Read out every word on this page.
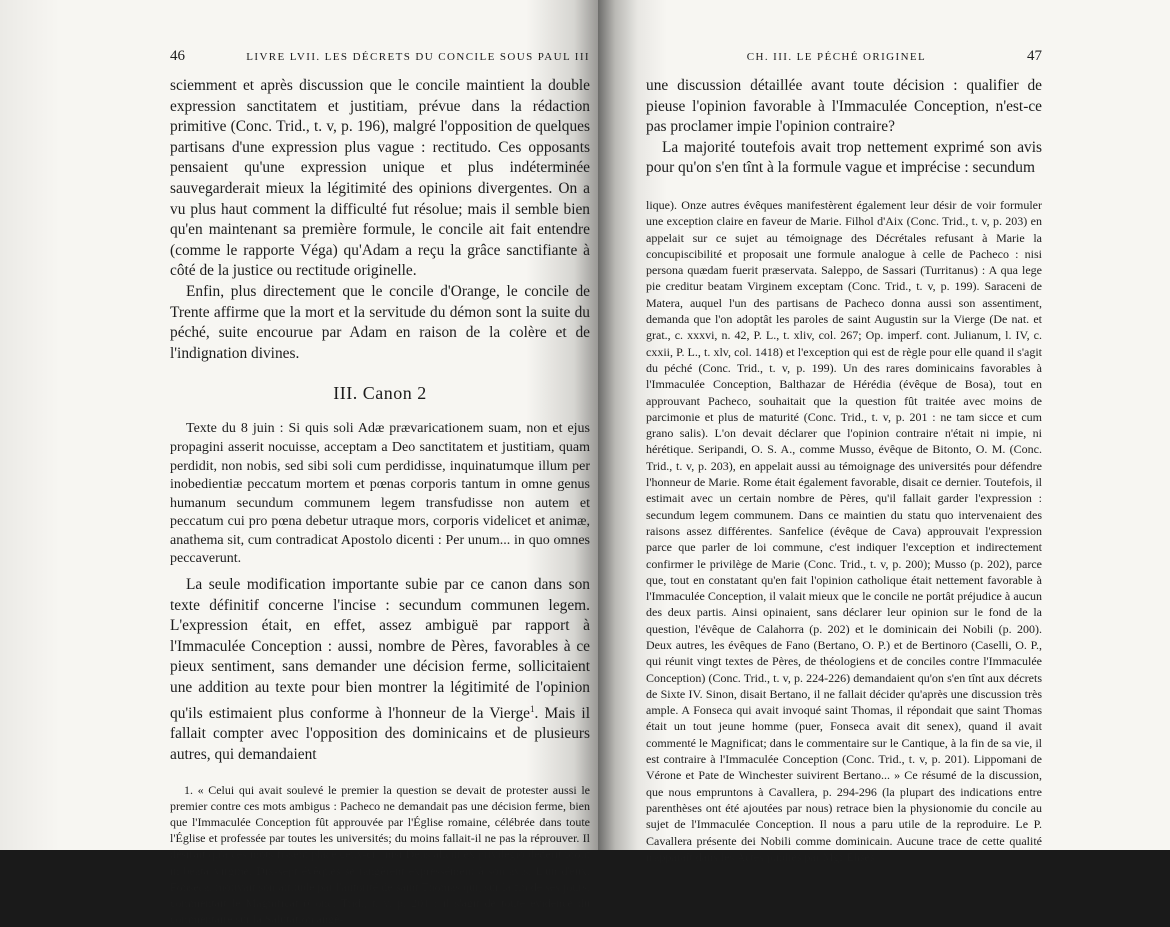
46	LIVRE LVII. LES DÉCRETS DU CONCILE SOUS PAUL III

sciemment et après discussion que le concile maintient la double expression sanctitatem et justitiam, prévue dans la rédaction primitive (Conc. Trid., t. v, p. 196), malgré l'opposition de quelques partisans d'une expression plus vague : rectitudo. Ces opposants pensaient qu'une expression unique et plus indéterminée sauvegarderait mieux la légitimité des opinions divergentes. On a vu plus haut comment la difficulté fut résolue; mais il semble bien qu'en maintenant sa première formule, le concile ait fait entendre (comme le rapporte Véga) qu'Adam a reçu la grâce sanctifiante à côté de la justice ou rectitude originelle.

Enfin, plus directement que le concile d'Orange, le concile de Trente affirme que la mort et la servitude du démon sont la suite du péché, suite encourue par Adam en raison de la colère et de l'indignation divines.

III. Canon 2

Texte du 8 juin : Si quis soli Adæ prævaricationem suam, non et ejus propagini asserit nocuisse, acceptam a Deo sanctitatem et justitiam, quam perdidit, non nobis, sed sibi soli cum perdidisse, inquinatumque illum per inobedientiæ peccatum mortem et pœnas corporis tantum in omne genus humanum secundum communem legem transfudisse non autem et peccatum cui pro pœna debetur utraque mors, corporis videlicet et animæ, anathema sit, cum contradicat Apostolo dicenti : Per unum... in quo omnes peccaverunt.

La seule modification importante subie par ce canon dans son texte définitif concerne l'incise : secundum communen legem. L'expression était, en effet, assez ambiguë par rapport à l'Immaculée Conception : aussi, nombre de Pères, favorables à ce pieux sentiment, sans demander une décision ferme, sollicitaient une addition au texte pour bien montrer la légitimité de l'opinion qu'ils estimaient plus conforme à l'honneur de la Vierge$^1$. Mais il fallait compter avec l'opposition des dominicains et de plusieurs autres, qui demandaient

1. « Celui qui avait soulevé le premier la question se devait de protester aussi le premier contre ces mots ambigus : Pacheco ne demandait pas une décision ferme, bien que l'Immaculée Conception fût approuvée par l'Église romaine, célébrée dans toute l'Église et professée par toutes les universités; du moins fallait-il ne pas la réprouver. Il désirait qu'à ces mots fissent place ceux-ci : nisi Deus alicui ex privilegio dederit prout in beata Virgine. Dix-sept évêques se rangèrent expressément à son avis. L'un d'eux, Fonseca, motivait son attitude par l'autorité de saint Thomas qui, sur la fin de ses jours, commentait le Magnificat (Conc. Trid., t. v, p. 201 : il s'agit de toute évidence du commentaire sur la Salutation angé-

CH. III. LE PÉCHÉ ORIGINEL	47

une discussion détaillée avant toute décision : qualifier de pieuse l'opinion favorable à l'Immaculée Conception, n'est-ce pas proclamer impie l'opinion contraire?

La majorité toutefois avait trop nettement exprimé son avis pour qu'on s'en tînt à la formule vague et imprécise : secundum

lique). Onze autres évêques manifestèrent également leur désir de voir formuler une exception claire en faveur de Marie. Filhol d'Aix (Conc. Trid., t. v, p. 203) en appelait sur ce sujet au témoignage des Décrétales refusant à Marie la concupiscibilité et proposait une formule analogue à celle de Pacheco : nisi persona quædam fuerit præservata. Saleppo, de Sassari (Turritanus) : A qua lege pie creditur beatam Virginem exceptam (Conc. Trid., t. v, p. 199). Saraceni de Matera, auquel l'un des partisans de Pacheco donna aussi son assentiment, demanda que l'on adoptât les paroles de saint Augustin sur la Vierge (De nat. et grat., c. xxxvi, n. 42, P. L., t. xliv, col. 267; Op. imperf. cont. Julianum, l. IV, c. cxxii, P. L., t. xlv, col. 1418) et l'exception qui est de règle pour elle quand il s'agit du péché (Conc. Trid., t. v, p. 199). Un des rares dominicains favorables à l'Immaculée Conception, Balthazar de Hérédia (évêque de Bosa), tout en approuvant Pacheco, souhaitait que la question fût traitée avec moins de parcimonie et plus de maturité (Conc. Trid., t. v, p. 201 : ne tam sicce et cum grano salis). L'on devait déclarer que l'opinion contraire n'était ni impie, ni hérétique. Seripandi, O. S. A., comme Musso, évêque de Bitonto, O. M. (Conc. Trid., t. v, p. 203), en appelait aussi au témoignage des universités pour défendre l'honneur de Marie. Rome était également favorable, disait ce dernier. Toutefois, il estimait avec un certain nombre de Pères, qu'il fallait garder l'expression : secundum legem communem. Dans ce maintien du statu quo intervenaient des raisons assez différentes. Sanfelice (évêque de Cava) approuvait l'expression parce que parler de loi commune, c'est indiquer l'exception et indirectement confirmer le privilège de Marie (Conc. Trid., t. v, p. 200); Musso (p. 202), parce que, tout en constatant qu'en fait l'opinion catholique était nettement favorable à l'Immaculée Conception, il valait mieux que le concile ne portât préjudice à aucun des deux partis. Ainsi opinaient, sans déclarer leur opinion sur le fond de la question, l'évêque de Calahorra (p. 202) et le dominicain dei Nobili (p. 200). Deux autres, les évêques de Fano (Bertano, O. P.) et de Bertinoro (Caselli, O. P., qui réunit vingt textes de Pères, de théologiens et de conciles contre l'Immaculée Conception) (Conc. Trid., t. v, p. 224-226) demandaient qu'on s'en tînt aux décrets de Sixte IV. Sinon, disait Bertano, il ne fallait décider qu'après une discussion très ample. A Fonseca qui avait invoqué saint Thomas, il répondait que saint Thomas était un tout jeune homme (puer, Fonseca avait dit senex), quand il avait commenté le Magnificat; dans le commentaire sur le Cantique, à la fin de sa vie, il est contraire à l'Immaculée Conception (Conc. Trid., t. v, p. 201). Lippomani de Vérone et Pate de Winchester suivirent Bertano... » Ce résumé de la discussion, que nous empruntons à Cavallera, p. 294-296 (la plupart des indications entre parenthèses ont été ajoutées par nous) retrace bien la physionomie du concile au sujet de l'Immaculée Conception. Il nous a paru utile de la reproduire. Le P. Cavallera présente dei Nobili comme dominicain. Aucune trace de cette qualité n'apparaît dans les Actes publiés par Mgr Ehses.
